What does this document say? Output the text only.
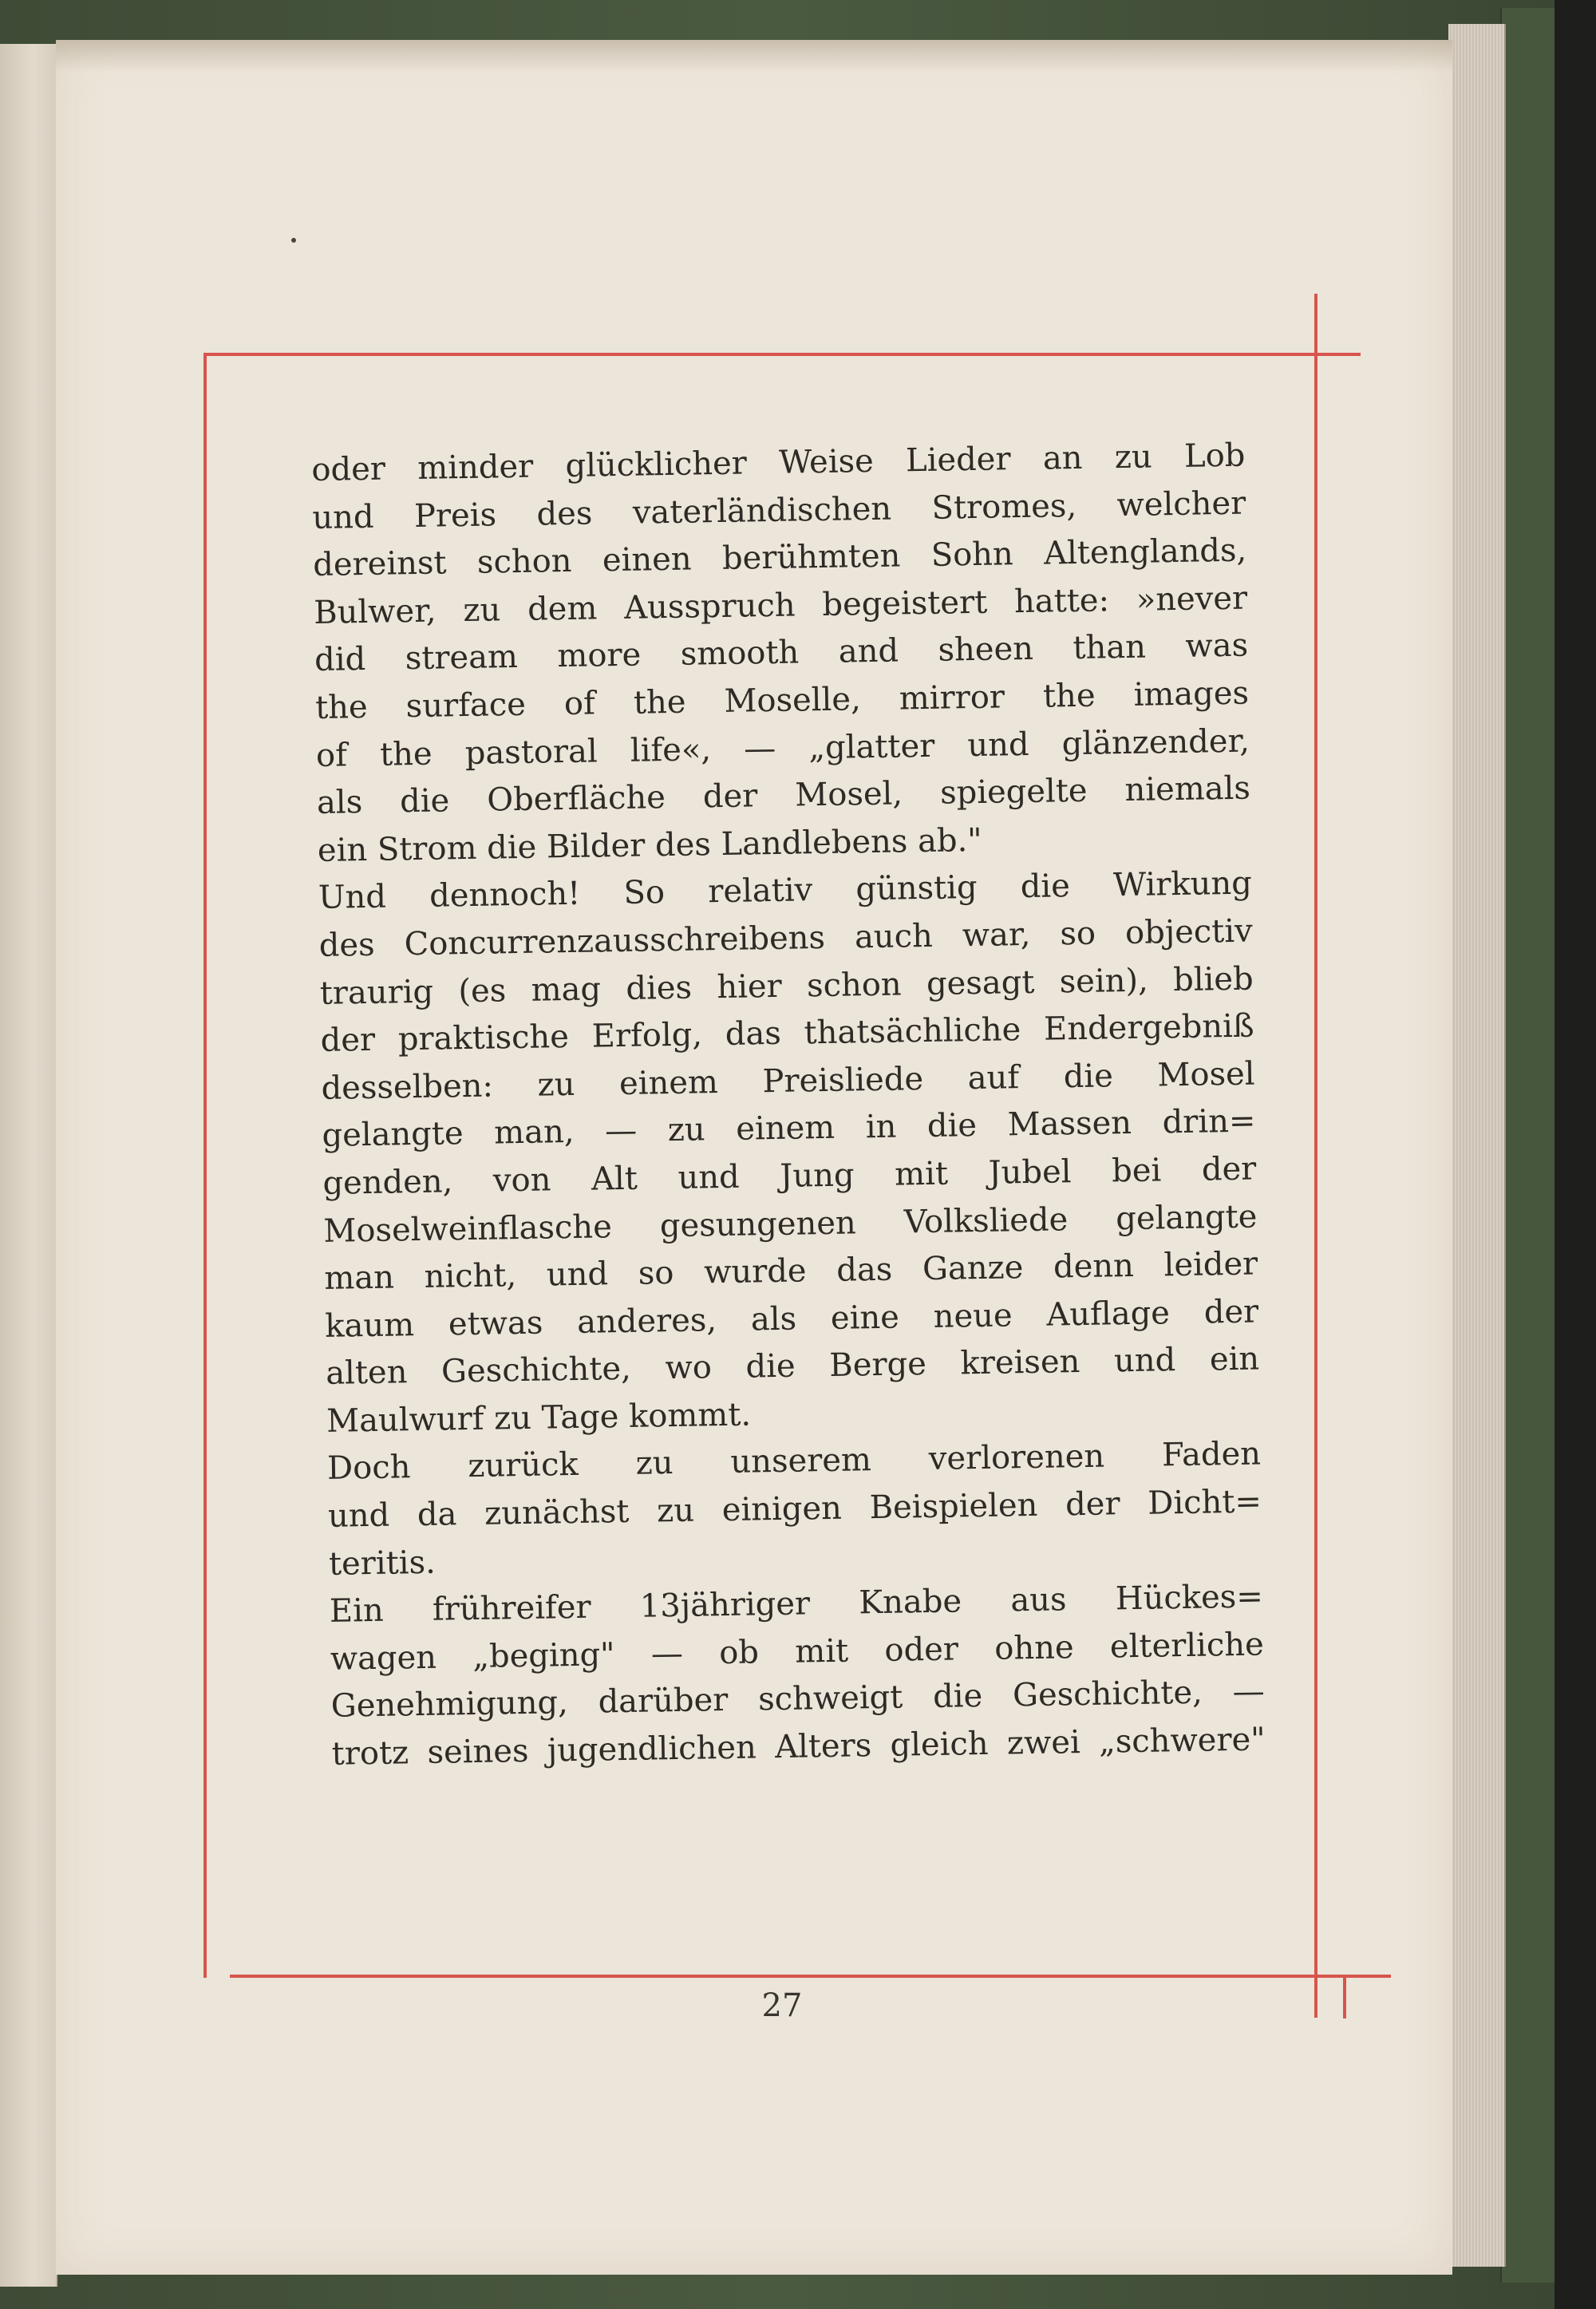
oder minder glücklicher Weise Lieder an zu Lob
und Preis des vaterländischen Stromes, welcher
dereinst schon einen berühmten Sohn Altenglands,
Bulwer, zu dem Ausspruch begeistert hatte: »never
did stream more smooth and sheen than was
the surface of the Moselle, mirror the images
of the pastoral life«, — „glatter und glänzender,
als die Oberfläche der Mosel, spiegelte niemals
ein Strom die Bilder des Landlebens ab."
Und dennoch! So relativ günstig die Wirkung
des Concurrenzausschreibens auch war, so objectiv
traurig (es mag dies hier schon gesagt sein), blieb
der praktische Erfolg, das thatsächliche Endergebniß
desselben: zu einem Preisliede auf die Mosel
gelangte man, — zu einem in die Massen drin=
genden, von Alt und Jung mit Jubel bei der
Moselweinflasche gesungenen Volksliede gelangte
man nicht, und so wurde das Ganze denn leider
kaum etwas anderes, als eine neue Auflage der
alten Geschichte, wo die Berge kreisen und ein
Maulwurf zu Tage kommt.
Doch zurück zu unserem verlorenen Faden
und da zunächst zu einigen Beispielen der Dicht=
teritis.
Ein frühreifer 13jähriger Knabe aus Hückes=
wagen „beging" — ob mit oder ohne elterliche
Genehmigung, darüber schweigt die Geschichte, —
trotz seines jugendlichen Alters gleich zwei „schwere"
27
